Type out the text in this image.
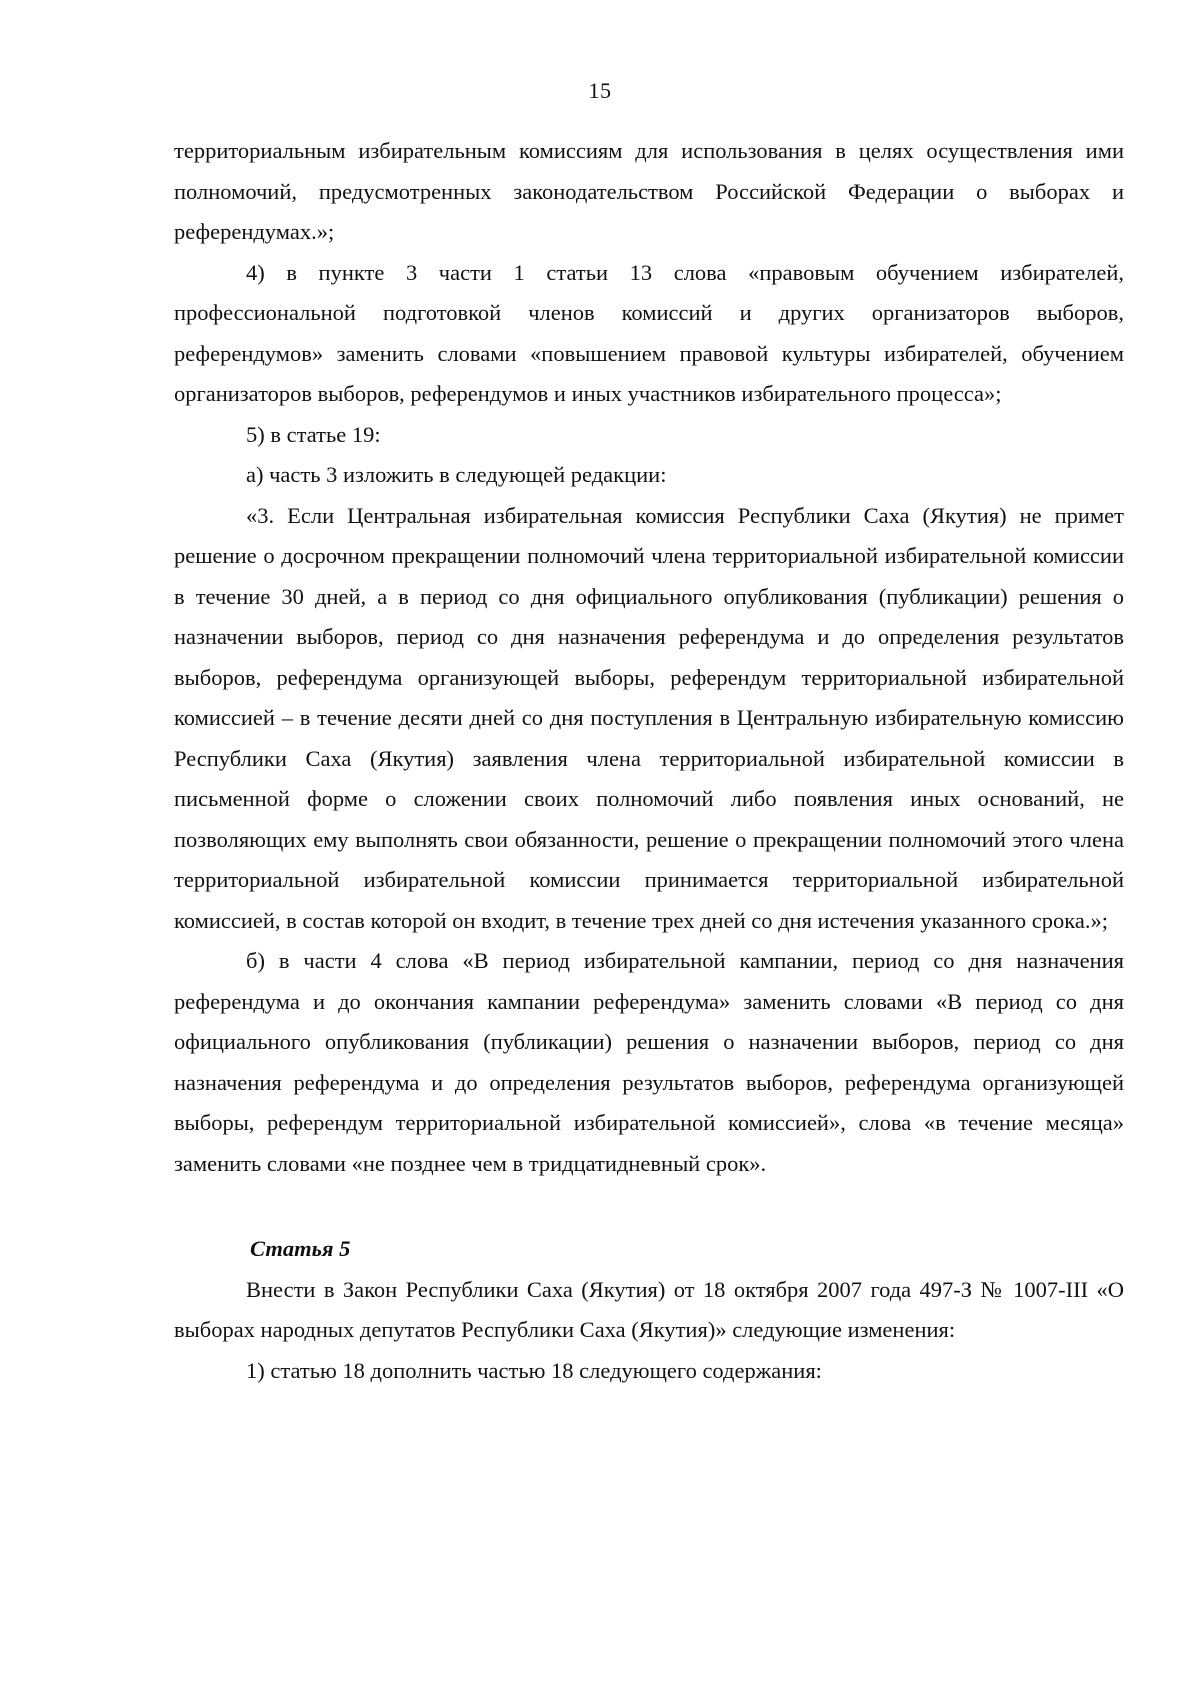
15

территориальным избирательным комиссиям для использования в целях осуществления ими полномочий, предусмотренных законодательством Российской Федерации о выборах и референдумах.»;

4) в пункте 3 части 1 статьи 13 слова «правовым обучением избирателей, профессиональной подготовкой членов комиссий и других организаторов выборов, референдумов» заменить словами «повышением правовой культуры избирателей, обучением организаторов выборов, референдумов и иных участников избирательного процесса»;

5) в статье 19:

а) часть 3 изложить в следующей редакции:

«3. Если Центральная избирательная комиссия Республики Саха (Якутия) не примет решение о досрочном прекращении полномочий члена территориальной избирательной комиссии в течение 30 дней, а в период со дня официального опубликования (публикации) решения о назначении выборов, период со дня назначения референдума и до определения результатов выборов, референдума организующей выборы, референдум территориальной избирательной комиссией – в течение десяти дней со дня поступления в Центральную избирательную комиссию Республики Саха (Якутия) заявления члена территориальной избирательной комиссии в письменной форме о сложении своих полномочий либо появления иных оснований, не позволяющих ему выполнять свои обязанности, решение о прекращении полномочий этого члена территориальной избирательной комиссии принимается территориальной избирательной комиссией, в состав которой он входит, в течение трех дней со дня истечения указанного срока.»;

б) в части 4 слова «В период избирательной кампании, период со дня назначения референдума и до окончания кампании референдума» заменить словами «В период со дня официального опубликования (публикации) решения о назначении выборов, период со дня назначения референдума и до определения результатов выборов, референдума организующей выборы, референдум территориальной избирательной комиссией», слова «в течение месяца» заменить словами «не позднее чем в тридцатидневный срок».

Статья 5

Внести в Закон Республики Саха (Якутия) от 18 октября 2007 года 497-З № 1007-III «О выборах народных депутатов Республики Саха (Якутия)» следующие изменения:

1) статью 18 дополнить частью 18 следующего содержания:
